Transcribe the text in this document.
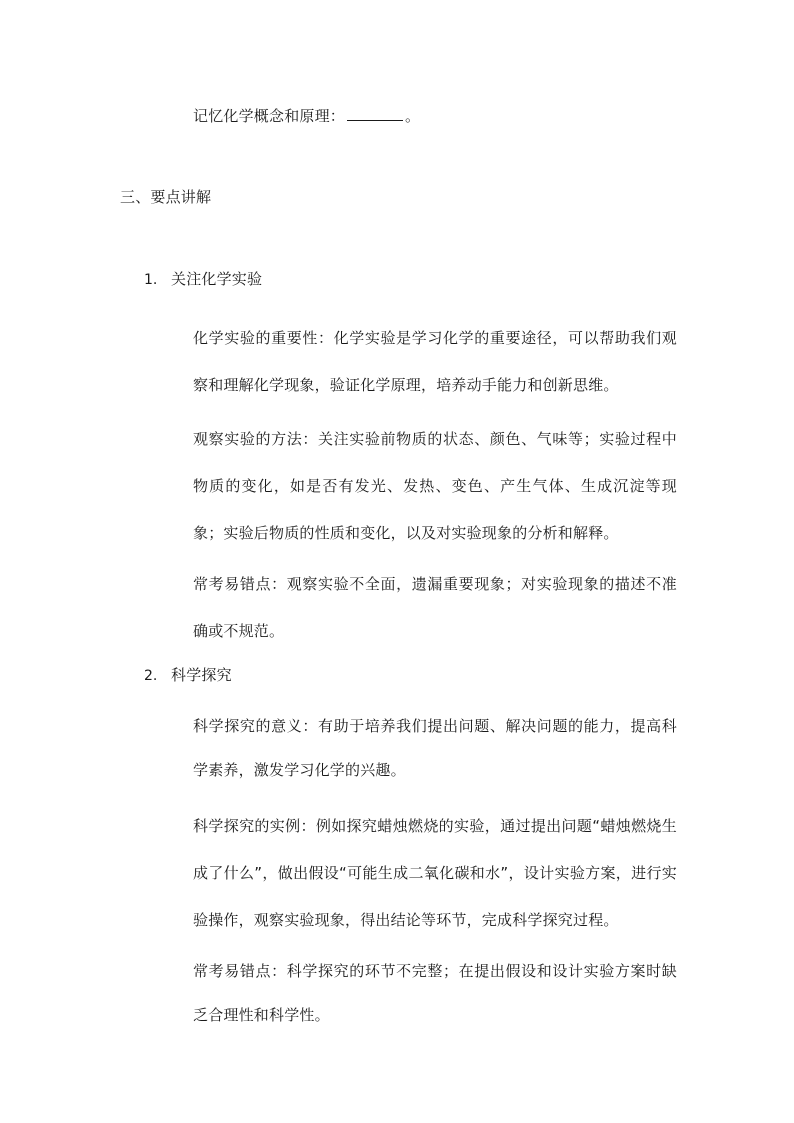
记忆化学概念和原理：	。
三、要点讲解
1. 关注化学实验
化学实验的重要性：化学实验是学习化学的重要途径，可以帮助我们观察和理解化学现象，验证化学原理，培养动手能力和创新思维。
观察实验的方法：关注实验前物质的状态、颜色、气味等；实验过程中物质的变化，如是否有发光、发热、变色、产生气体、生成沉淀等现象；实验后物质的性质和变化，以及对实验现象的分析和解释。
常考易错点：观察实验不全面，遗漏重要现象；对实验现象的描述不准确或不规范。
2. 科学探究
科学探究的意义：有助于培养我们提出问题、解决问题的能力，提高科学素养，激发学习化学的兴趣。
科学探究的实例：例如探究蜡烛燃烧的实验，通过提出问题“蜡烛燃烧生成了什么”，做出假设“可能生成二氧化碳和水”，设计实验方案，进行实验操作，观察实验现象，得出结论等环节，完成科学探究过程。
常考易错点：科学探究的环节不完整；在提出假设和设计实验方案时缺乏合理性和科学性。
